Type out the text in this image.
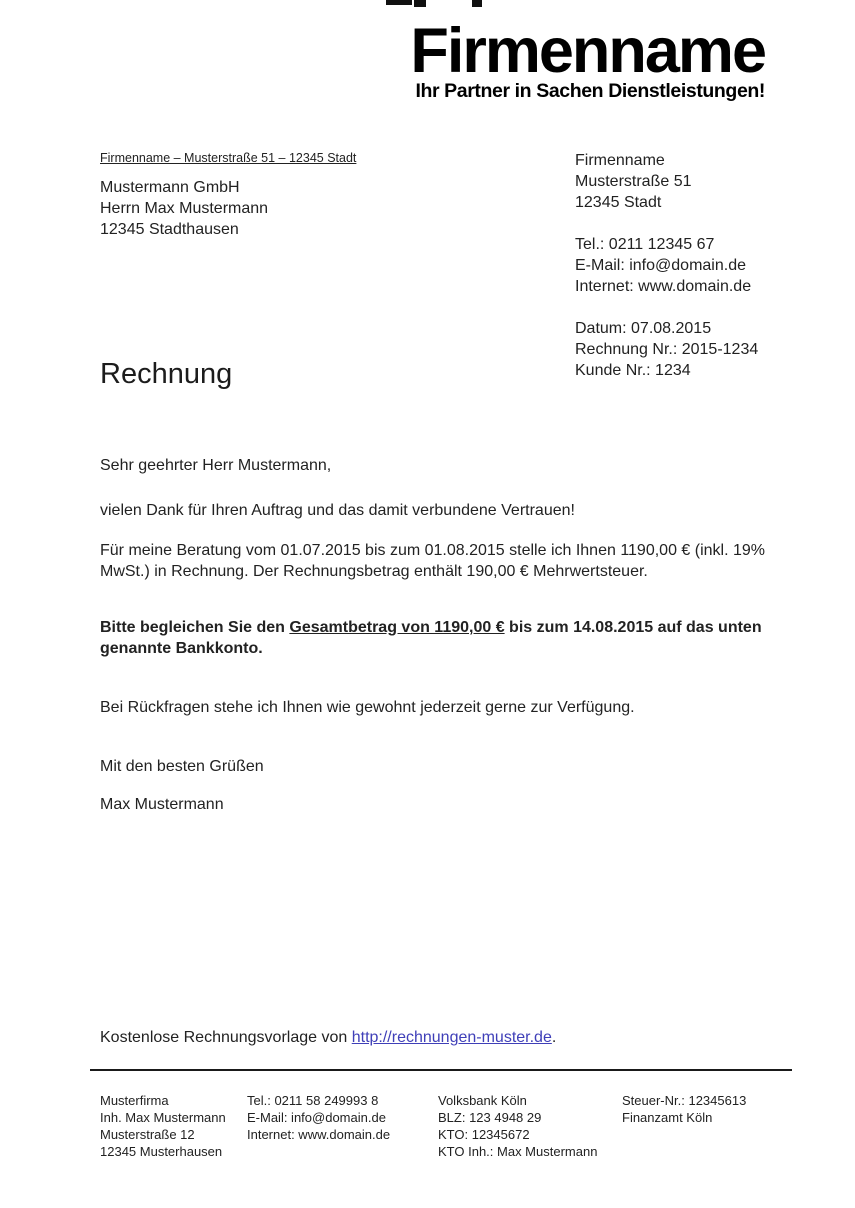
Firmenname
Ihr Partner in Sachen Dienstleistungen!
Firmenname – Musterstraße 51 – 12345 Stadt
Mustermann GmbH
Herrn Max Mustermann
12345 Stadthausen
Firmenname
Musterstraße 51
12345 Stadt
Tel.: 0211 12345 67
E-Mail: info@domain.de
Internet: www.domain.de
Datum: 07.08.2015
Rechnung Nr.: 2015-1234
Kunde Nr.: 1234
Rechnung

Sehr geehrter Herr Mustermann,

vielen Dank für Ihren Auftrag und das damit verbundene Vertrauen!

Für meine Beratung vom 01.07.2015 bis zum 01.08.2015 stelle ich Ihnen 1190,00 € (inkl. 19% MwSt.) in Rechnung. Der Rechnungsbetrag enthält 190,00 € Mehrwertsteuer.

Bitte begleichen Sie den Gesamtbetrag von 1190,00 € bis zum 14.08.2015 auf das unten genannte Bankkonto.

Bei Rückfragen stehe ich Ihnen wie gewohnt jederzeit gerne zur Verfügung.

Mit den besten Grüßen

Max Mustermann

Kostenlose Rechnungsvorlage von http://rechnungen-muster.de.
Musterfirma
Inh. Max Mustermann
Musterstraße 12
12345 Musterhausen
Tel.: 0211 58 249993 8
E-Mail: info@domain.de
Internet: www.domain.de
Volksbank Köln
BLZ: 123 4948 29
KTO: 12345672
KTO Inh.: Max Mustermann
Steuer-Nr.: 12345613
Finanzamt Köln
